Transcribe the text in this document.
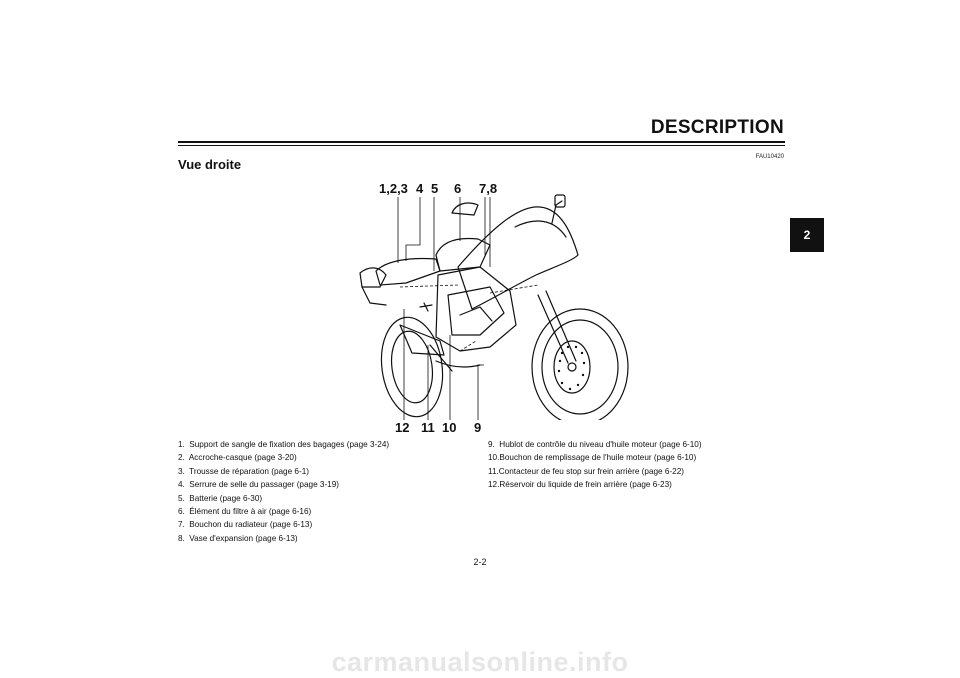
DESCRIPTION
2
FAU10420
Vue droite
1,2,3 4 5 6 7,8
12 11 10 9
1. Support de sangle de fixation des bagages (page 3-24)
2. Accroche-casque (page 3-20)
3. Trousse de réparation (page 6-1)
4. Serrure de selle du passager (page 3-19)
5. Batterie (page 6-30)
6. Élément du filtre à air (page 6-16)
7. Bouchon du radiateur (page 6-13)
8. Vase d'expansion (page 6-13)
9. Hublot de contrôle du niveau d'huile moteur (page 6-10)
10.Bouchon de remplissage de l'huile moteur (page 6-10)
11.Contacteur de feu stop sur frein arrière (page 6-22)
12.Réservoir du liquide de frein arrière (page 6-23)
2-2
carmanualsonline.info
